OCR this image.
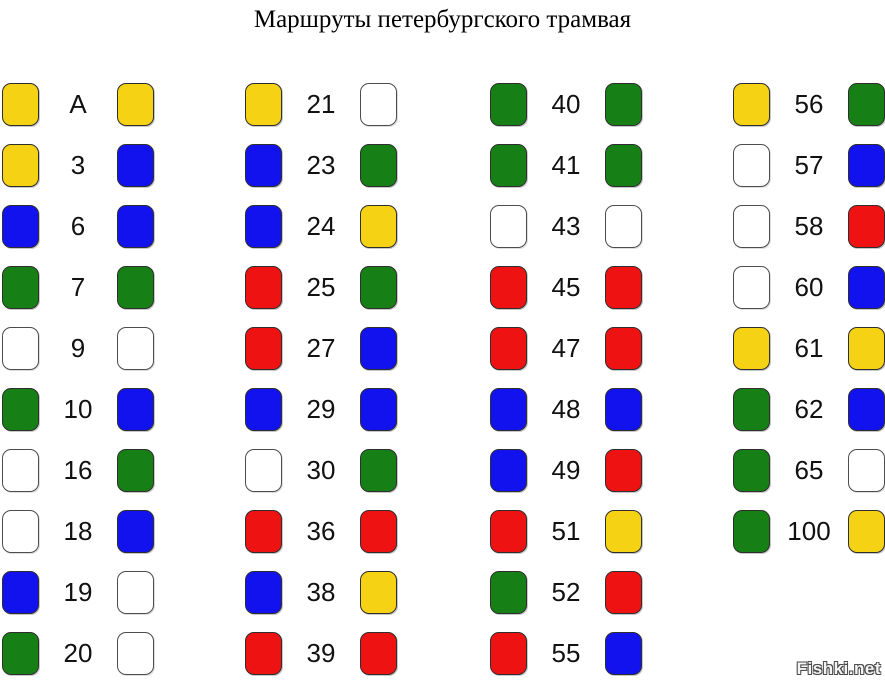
Маршруты петербургского трамвая
А
3
6
7
9
10
16
18
19
20
21
23
24
25
27
29
30
36
38
39
40
41
43
45
47
48
49
51
52
55
56
57
58
60
61
62
65
100
Fishki.net
